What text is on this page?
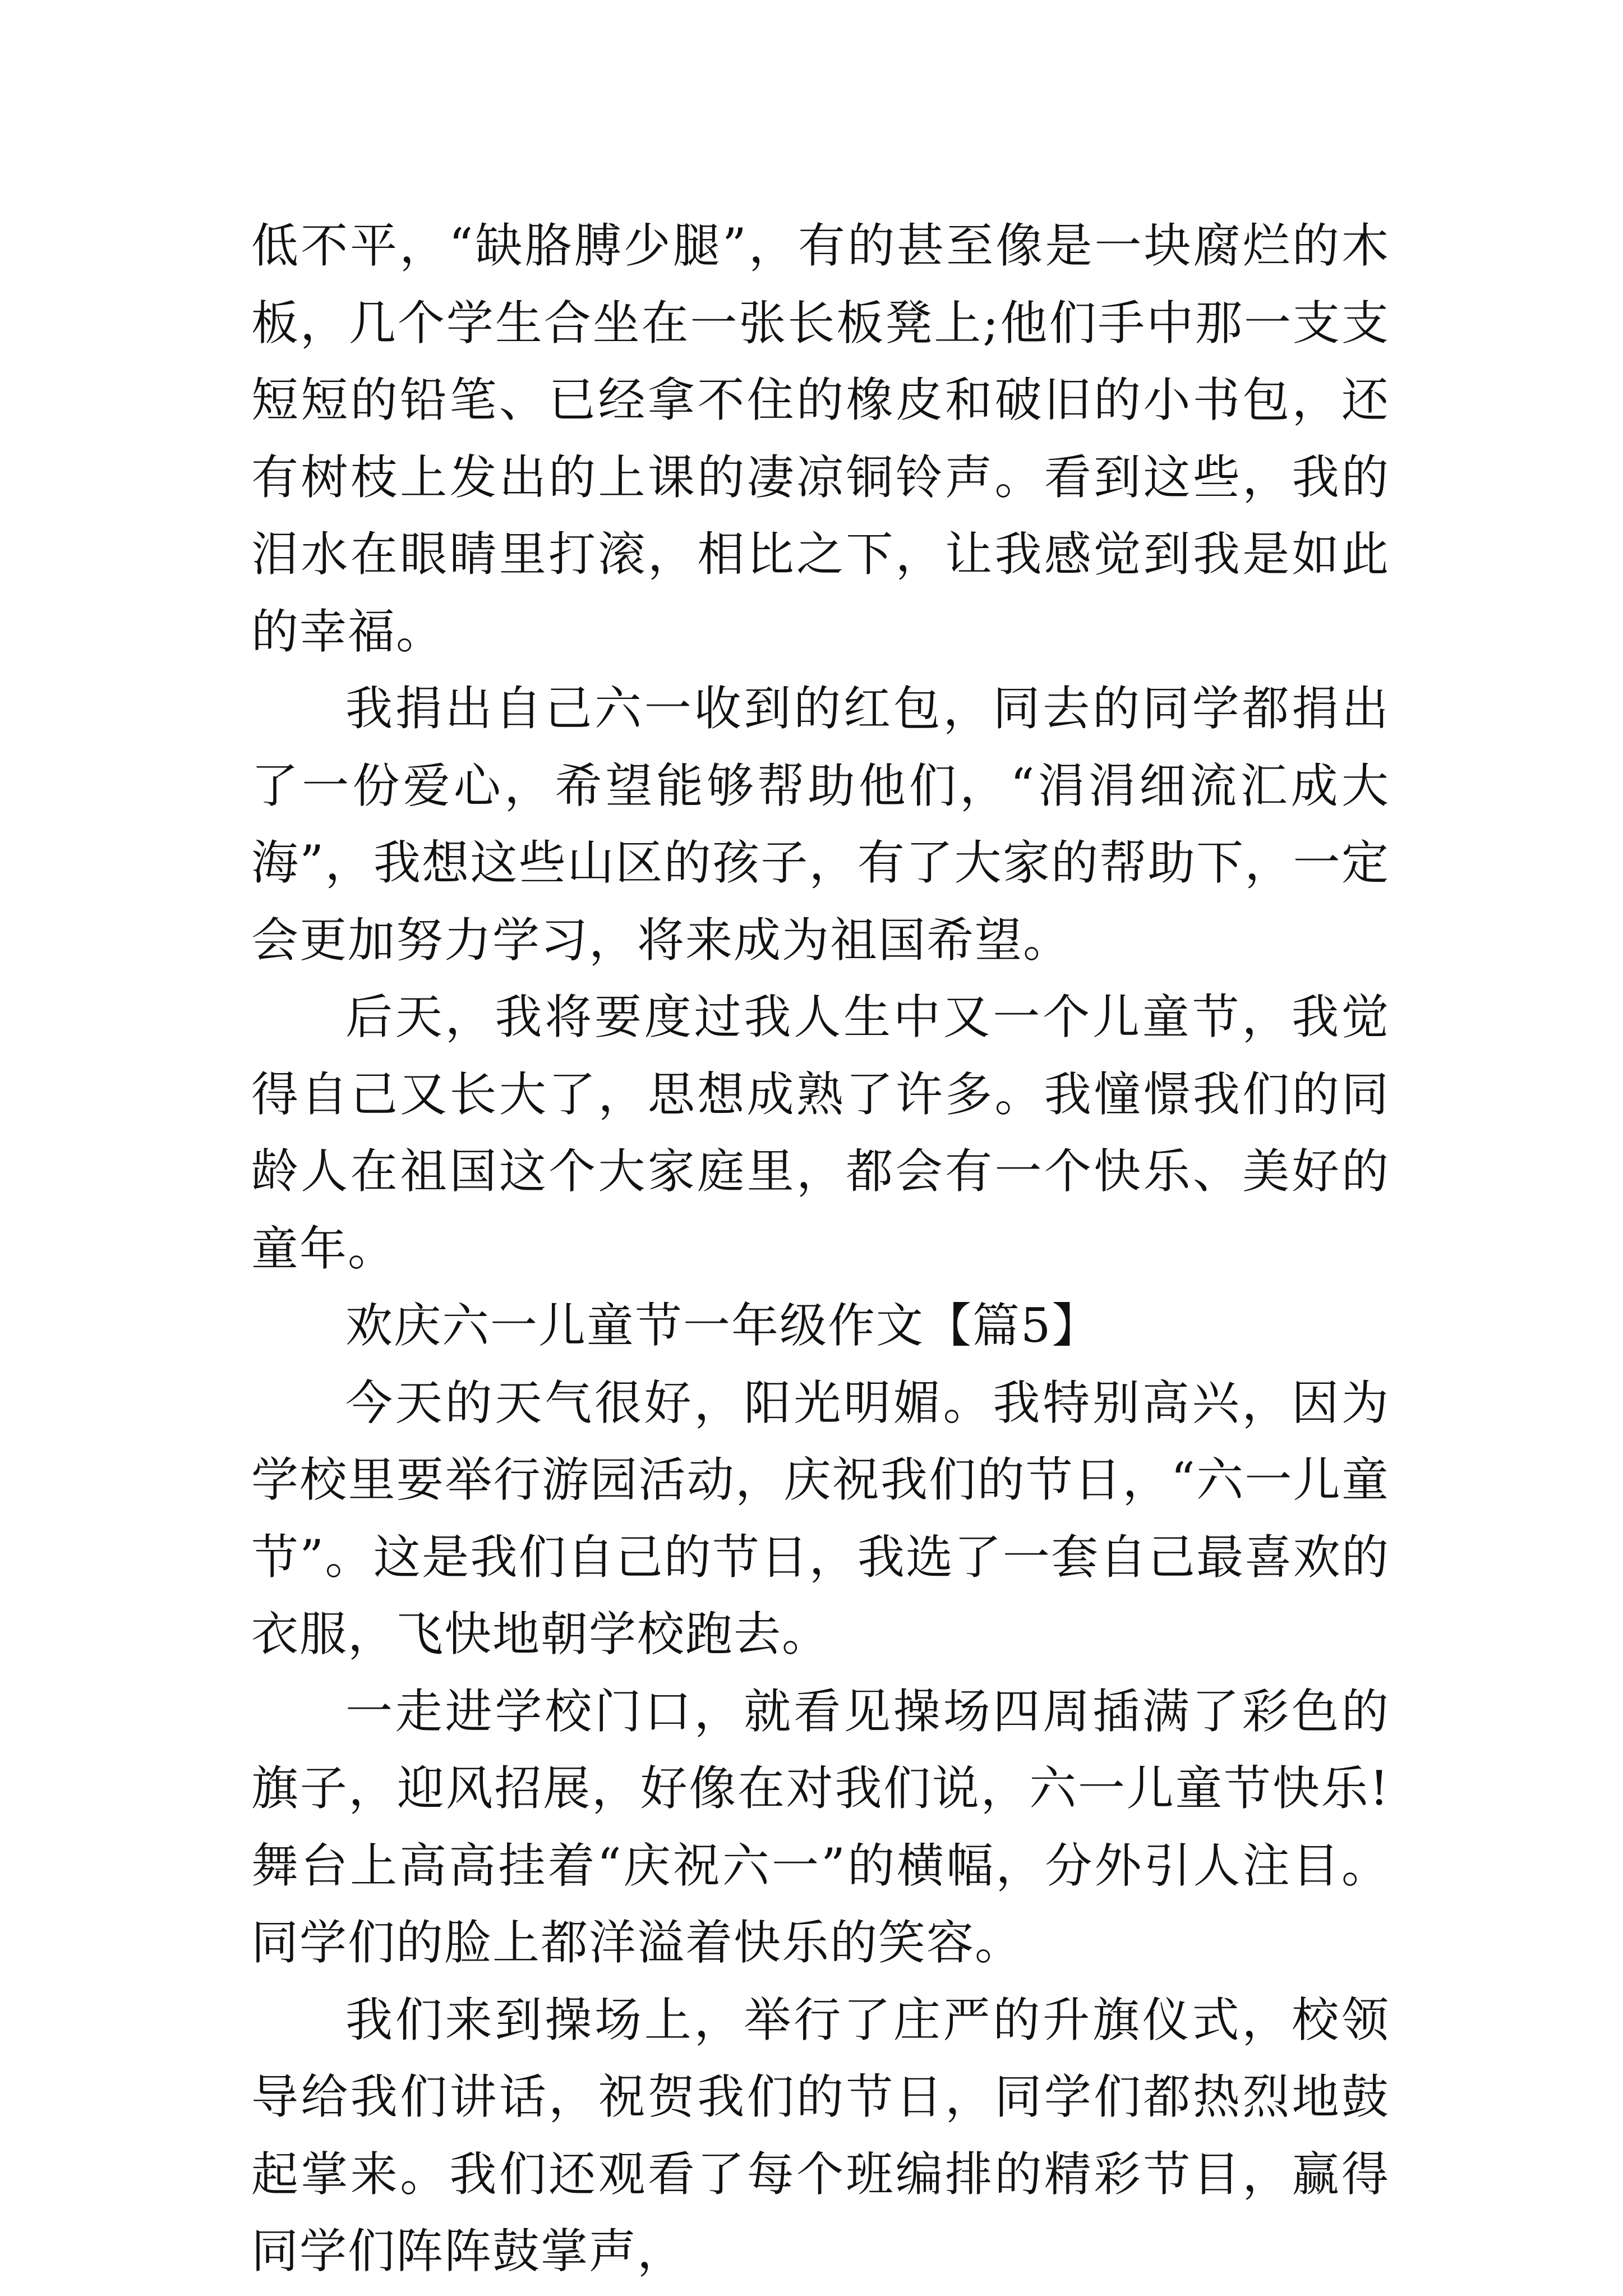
低不平，“缺胳膊少腿”，有的甚至像是一块腐烂的木板，几个学生合坐在一张长板凳上;他们手中那一支支短短的铅笔、已经拿不住的橡皮和破旧的小书包，还有树枝上发出的上课的凄凉铜铃声。看到这些，我的泪水在眼睛里打滚，相比之下，让我感觉到我是如此的幸福。

我捐出自己六一收到的红包，同去的同学都捐出了一份爱心，希望能够帮助他们，“涓涓细流汇成大海”，我想这些山区的孩子，有了大家的帮助下，一定会更加努力学习，将来成为祖国希望。

后天，我将要度过我人生中又一个儿童节，我觉得自己又长大了，思想成熟了许多。我憧憬我们的同龄人在祖国这个大家庭里，都会有一个快乐、美好的童年。

欢庆六一儿童节一年级作文【篇5】

今天的天气很好，阳光明媚。我特别高兴，因为学校里要举行游园活动，庆祝我们的节日，“六一儿童节”。这是我们自己的节日，我选了一套自己最喜欢的衣服，飞快地朝学校跑去。

一走进学校门口，就看见操场四周插满了彩色的旗子，迎风招展，好像在对我们说，六一儿童节快乐!舞台上高高挂着“庆祝六一”的横幅，分外引人注目。同学们的脸上都洋溢着快乐的笑容。

我们来到操场上，举行了庄严的升旗仪式，校领导给我们讲话，祝贺我们的节日，同学们都热烈地鼓起掌来。我们还观看了每个班编排的精彩节目，赢得同学们阵阵鼓掌声，
